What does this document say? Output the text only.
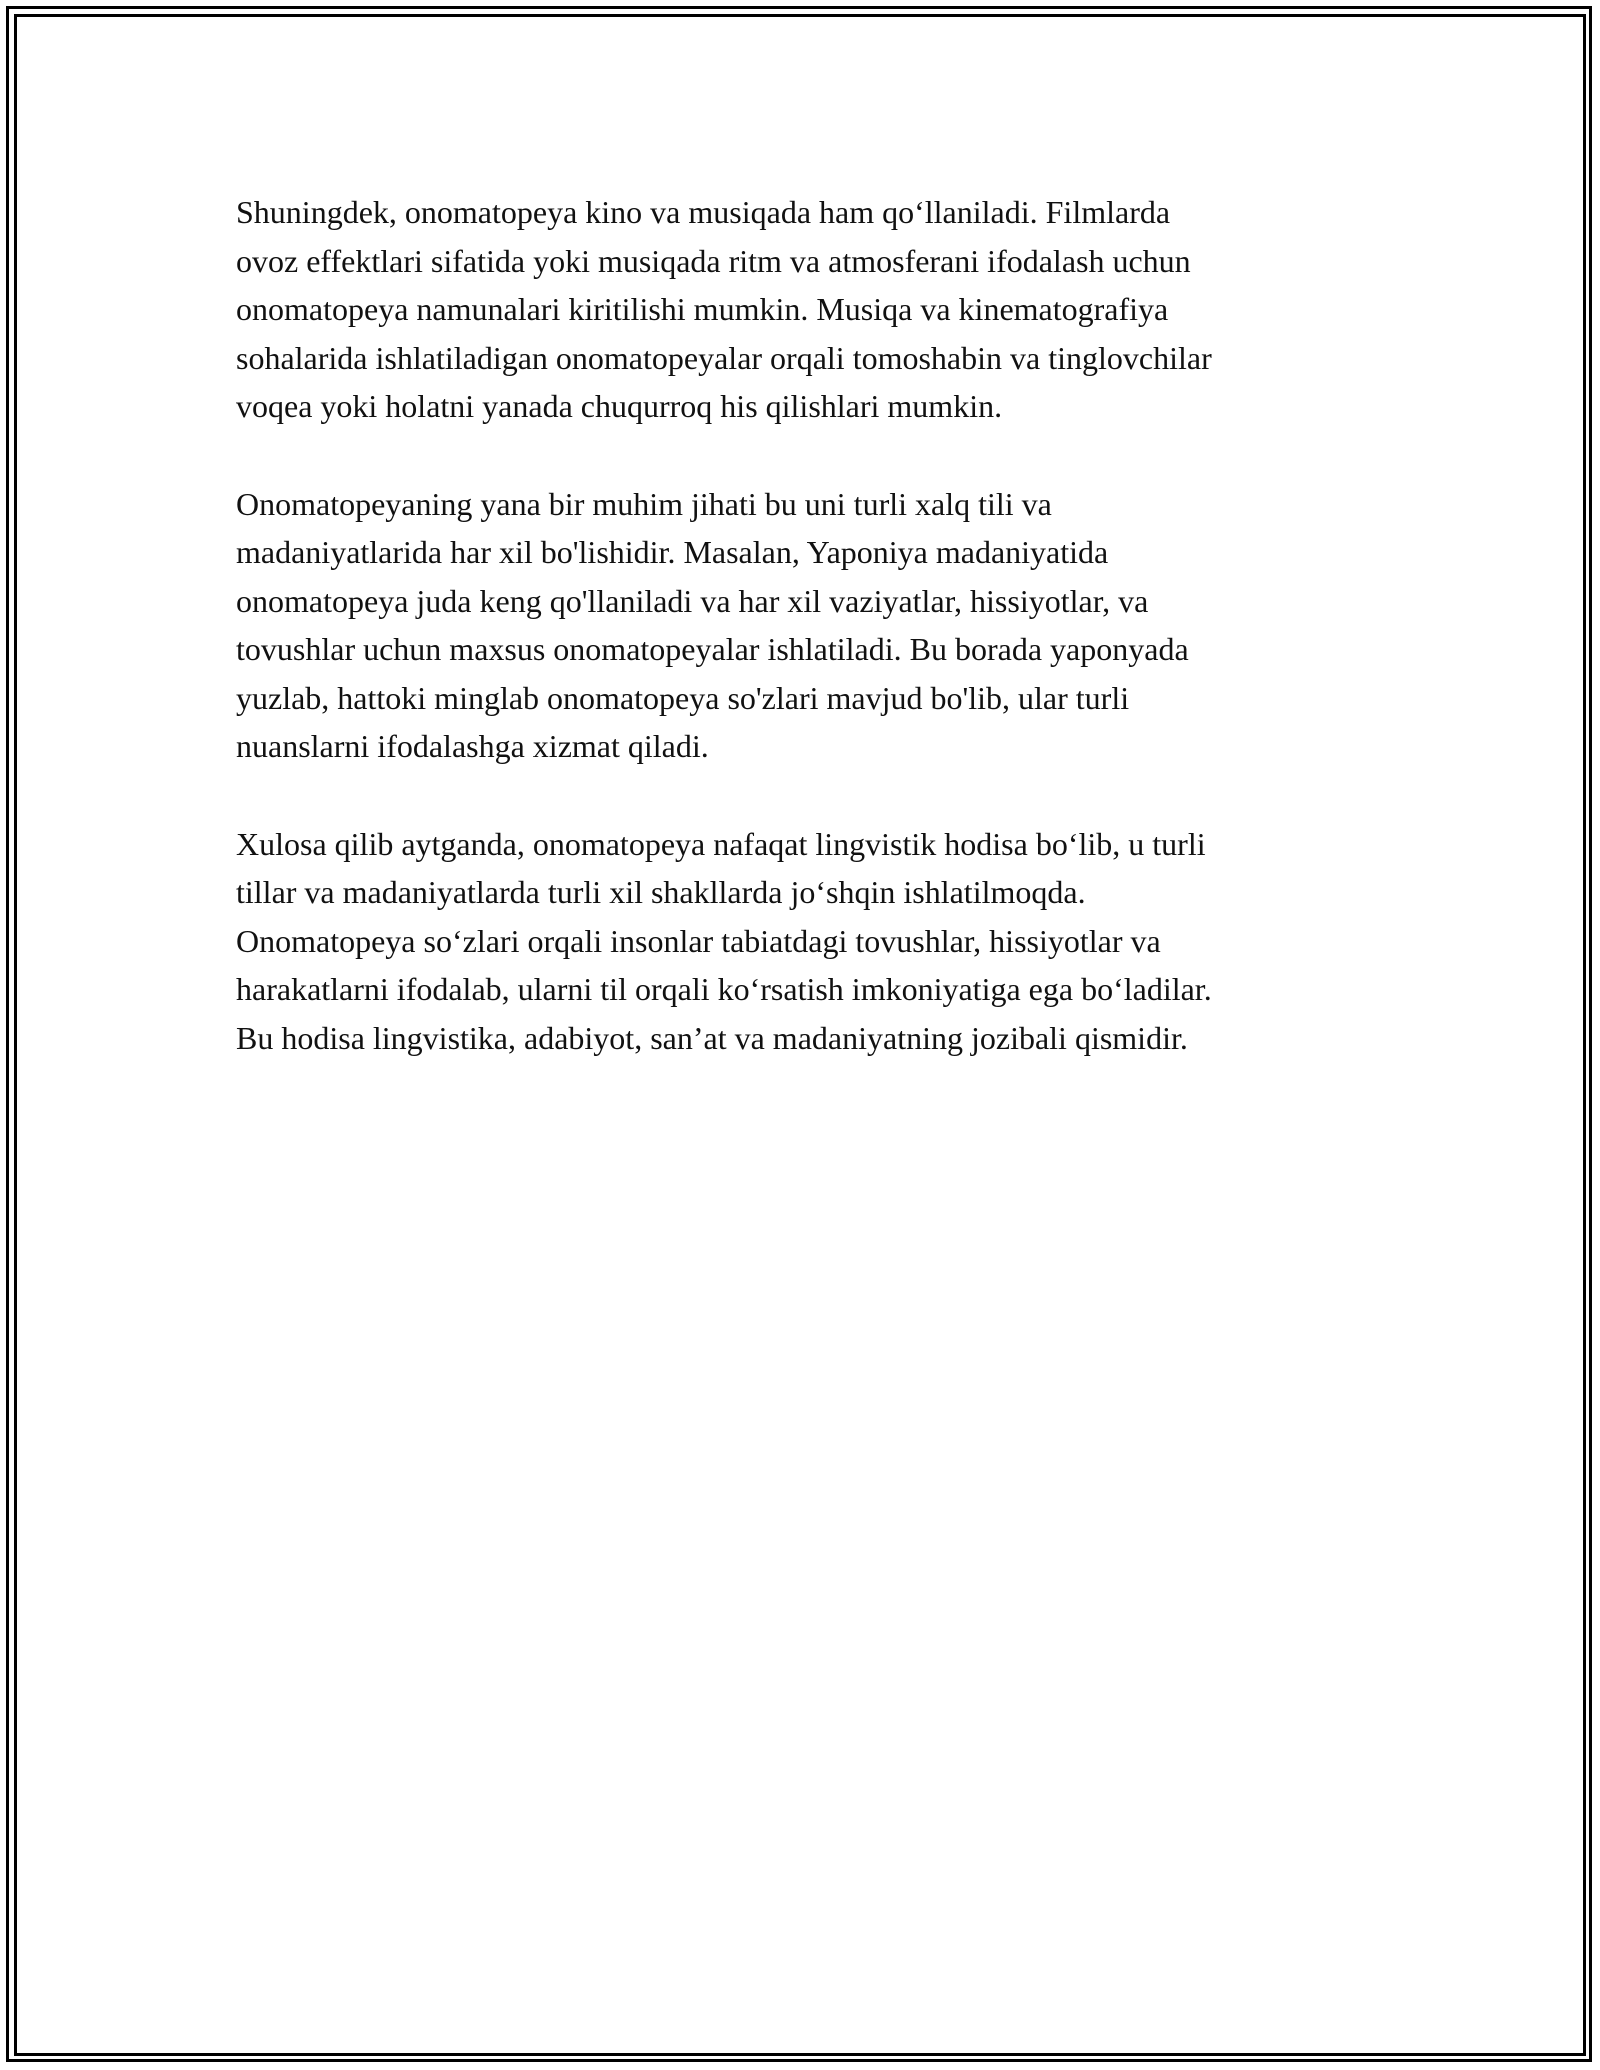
Shuningdek, onomatopeya kino va musiqada ham qo‘llaniladi. Filmlarda
ovoz effektlari sifatida yoki musiqada ritm va atmosferani ifodalash uchun
onomatopeya namunalari kiritilishi mumkin. Musiqa va kinematografiya
sohalarida ishlatiladigan onomatopeyalar orqali tomoshabin va tinglovchilar
voqea yoki holatni yanada chuqurroq his qilishlari mumkin.

Onomatopeyaning yana bir muhim jihati bu uni turli xalq tili va
madaniyatlarida har xil bo'lishidir. Masalan, Yaponiya madaniyatida
onomatopeya juda keng qo'llaniladi va har xil vaziyatlar, hissiyotlar, va
tovushlar uchun maxsus onomatopeyalar ishlatiladi. Bu borada yaponyada
yuzlab, hattoki minglab onomatopeya so'zlari mavjud bo'lib, ular turli
nuanslarni ifodalashga xizmat qiladi.

Xulosa qilib aytganda, onomatopeya nafaqat lingvistik hodisa bo‘lib, u turli
tillar va madaniyatlarda turli xil shakllarda jo‘shqin ishlatilmoqda.
Onomatopeya so‘zlari orqali insonlar tabiatdagi tovushlar, hissiyotlar va
harakatlarni ifodalab, ularni til orqali ko‘rsatish imkoniyatiga ega bo‘ladilar.
Bu hodisa lingvistika, adabiyot, san’at va madaniyatning jozibali qismidir.
